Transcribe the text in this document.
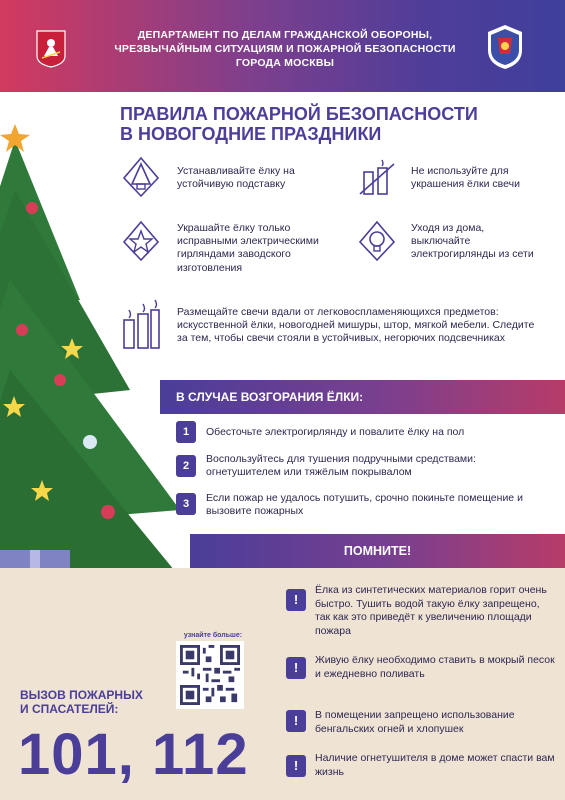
ДЕПАРТАМЕНТ ПО ДЕЛАМ ГРАЖДАНСКОЙ ОБОРОНЫ,
ЧРЕЗВЫЧАЙНЫМ СИТУАЦИЯМ И ПОЖАРНОЙ БЕЗОПАСНОСТИ
ГОРОДА МОСКВЫ
ПРАВИЛА ПОЖАРНОЙ БЕЗОПАСНОСТИ
В НОВОГОДНИЕ ПРАЗДНИКИ
Устанавливайте ёлку на устойчивую подставку
Не используйте для украшения ёлки свечи
Украшайте ёлку только исправными электрическими гирляндами заводского изготовления
Уходя из дома, выключайте электрогирлянды из сети
Размещайте свечи вдали от легковоспламеняющихся предметов: искусственной ёлки, новогодней мишуры, штор, мягкой мебели. Следите за тем, чтобы свечи стояли в устойчивых, негорючих подсвечниках
В СЛУЧАЕ ВОЗГОРАНИЯ ЁЛКИ:
1	Обесточьте электрогирлянду и повалите ёлку на пол
2
Воспользуйтесь для тушения подручными средствами: огнетушителем или тяжёлым покрывалом
3	Если пожар не удалось потушить, срочно покиньте помещение и вызовите пожарных
ПОМНИТЕ!
!
Ёлка из синтетических материалов горит очень быстро. Тушить водой такую ёлку запрещено, так как это приведёт к увеличению площади пожара
!	Живую ёлку необходимо ставить в мокрый песок и ежедневно поливать
!	В помещении запрещено использование бенгальских огней и хлопушек
!	Наличие огнетушителя в доме может спасти вам жизнь
узнайте больше:
ВЫЗОВ ПОЖАРНЫХ
И СПАСАТЕЛЕЙ:
101, 112
